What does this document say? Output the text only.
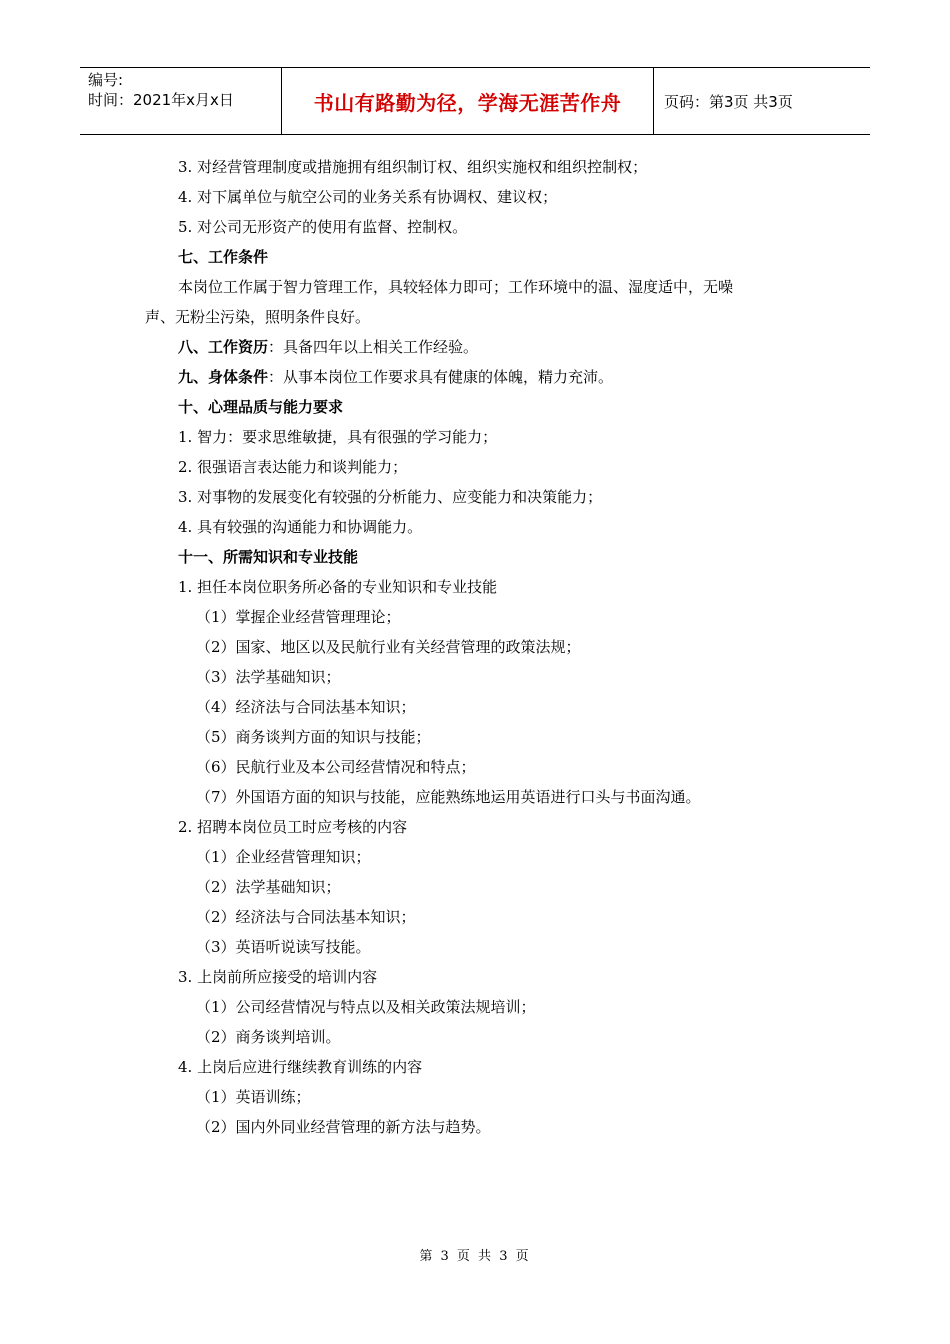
编号:
时间：2021年x月x日	书山有路勤为径，学海无涯苦作舟	页码：第3页 共3页
3. 对经营管理制度或措施拥有组织制订权、组织实施权和组织控制权；
4. 对下属单位与航空公司的业务关系有协调权、建议权；
5. 对公司无形资产的使用有监督、控制权。
七、工作条件
本岗位工作属于智力管理工作，具较轻体力即可；工作环境中的温、湿度适中，无噪
声、无粉尘污染，照明条件良好。
八、工作资历：具备四年以上相关工作经验。
九、身体条件：从事本岗位工作要求具有健康的体魄，精力充沛。
十、心理品质与能力要求
1. 智力：要求思维敏捷，具有很强的学习能力；
2. 很强语言表达能力和谈判能力；
3. 对事物的发展变化有较强的分析能力、应变能力和决策能力；
4. 具有较强的沟通能力和协调能力。
十一、所需知识和专业技能
1. 担任本岗位职务所必备的专业知识和专业技能
（1）掌握企业经营管理理论；
（2）国家、地区以及民航行业有关经营管理的政策法规；
（3）法学基础知识；
（4）经济法与合同法基本知识；
（5）商务谈判方面的知识与技能；
（6）民航行业及本公司经营情况和特点；
（7）外国语方面的知识与技能，应能熟练地运用英语进行口头与书面沟通。
2. 招聘本岗位员工时应考核的内容
（1）企业经营管理知识；
（2）法学基础知识；
（2）经济法与合同法基本知识；
（3）英语听说读写技能。
3. 上岗前所应接受的培训内容
（1）公司经营情况与特点以及相关政策法规培训；
（2）商务谈判培训。
4. 上岗后应进行继续教育训练的内容
（1）英语训练；
（2）国内外同业经营管理的新方法与趋势。
第 3 页 共 3 页
